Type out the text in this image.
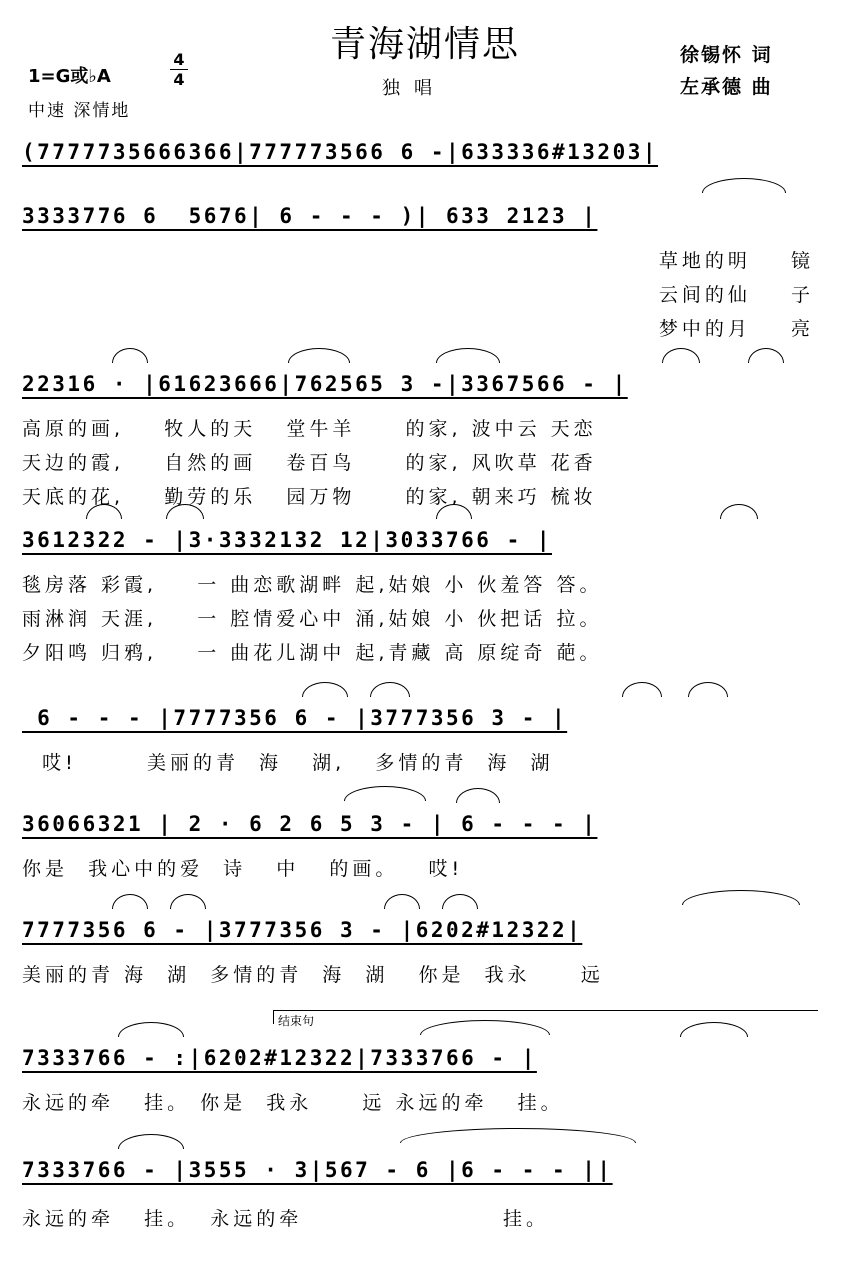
青海湖情思
独唱
1=G或♭A
4
4
中速 深情地
徐锡怀 词
左承德 曲
(7777735666366|777773566 6 -|633336#13203|
3333776 6  5676| 6 - - - )| 633 2123 |
草地的明    镜
云间的仙    子
梦中的月    亮
22316 · |61623666|762565 3 -|3367566 - |
高原的画,    牧人的天   堂牛羊     的家, 波中云 天恋
天边的霞,    自然的画   卷百鸟     的家, 风吹草 花香
天底的花,    勤劳的乐   园万物     的家, 朝来巧 梳妆
3612322 - |3·3332132 12|3033766 - |
毯房落 彩霞,    一 曲恋歌湖畔 起,姑娘 小 伙羞答 答。
雨淋润 天涯,    一 腔情爱心中 涌,姑娘 小 伙把话 拉。
夕阳鸣 归鸦,    一 曲花儿湖中 起,青藏 高 原绽奇 葩。
6 - - - |7777356 6 - |3777356 3 - |
哎!       美丽的青  海   湖,   多情的青  海  湖
36066321 | 2 · 6 2 6 5 3 - | 6 - - - |
你是  我心中的爱  诗   中   的画。   哎!
7777356 6 - |3777356 3 - |6202#12322|
美丽的青 海  湖  多情的青  海  湖   你是  我永     远
结束句
7333766 - :|6202#12322|7333766 - |
永远的牵   挂。 你是  我永     远 永远的牵   挂。
7333766 - |3555 · 3|567 - 6 |6 - - - ||
永远的牵   挂。  永远的牵                    挂。
